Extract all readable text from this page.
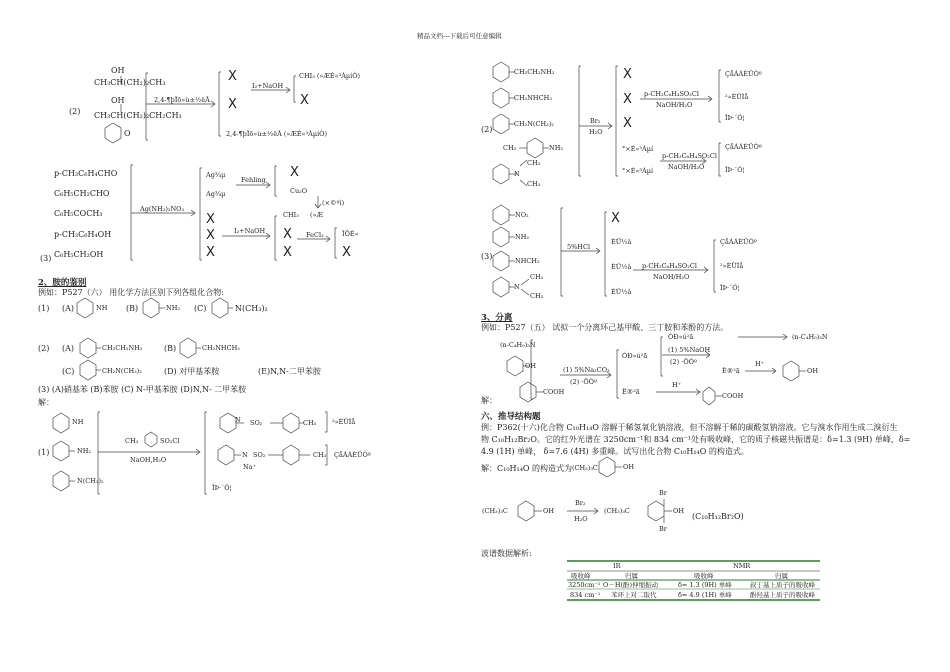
精品文档---下载后可任意编辑
OH
CH₃CH(CH₂)₂CH₃
OH
(2) CH₃CH(CH₂)₂CH₂CH₃
O
2,4-¶þÏõ»ù±½ëÂ
X
X
I₂+NaOH
CHI₃ (»ÆÉ«³ÁµíÒ)
X
2,4-¶þÏõ»ù±½ëÂ (»ÆÉ«³ÁµíÒ)
p-CH₃C₆H₄CHO
C₆H₅CH₂CHO
C₆H₅COCH₃
p-CH₃C₆H₄OH
(3) C₆H₅CH₂OH
Ag(NH₃)₂NO₃
Ag¾µ
Ag¾µ
Fehling X
Cu₂O
(×©ºì)
X
X
X
I₂+NaOH
CHI₃ (»Æ
X
X
FeCl₃	ÏÔÉ«
X
2、胺的鉴别
例如：P527（六） 用化学方法区别下列各组化合物:
(1) (A)	NH (B)	NH₂ (C)	N(CH₃)₂
(2) (A)	CH₂CH₂NH₂	(B)	CH₂NHCH₃
(C)	CH₂N(CH₃)₂	(D) 对甲基苯胺	(E)N,N-二甲苯胺
(3) (A)硝基苯 (B)苯胺 (C) N-甲基苯胺 (D)N,N- 二甲苯胺
解：
NH
(1)	NH₂
N(CH₃)₂
CH₃	SO₂Cl
NaOH,H₂O
N SO₂	CH₃ ²»ÈÜÌå
N SO₂	CH₃
Na⁺
ÇåÁÁÈÜÒº
ÎÞ·´Ó¦
CH₂CH₂NH₂
CH₂NHCH₃
CH₂N(CH₃)₂
(2)
CH₃	NH₂
N
CH₃
CH₃
Br₂
H₂O
X
X
X
p-CH₃C₆H₄SO₂Cl
NaOH/H₂O
ÇåÁÁÈÜÒº
²»ÈÜÌå
ÎÞ·´Ó¦
°×É«³Áµí
°×É«³Áµí
p-CH₃C₆H₄SO₂Cl
NaOH/H₂O
ÇåÁÁÈÜÒº
ÎÞ·´Ó¦
NO₂
NH₂
(3)	NHCH₃
N
CH₃
CH₃
5%HCl
X
ÈÜ½â
ÈÜ½â
ÈÜ½â
p-CH₃C₆H₄SO₂Cl
NaOH/H₂O
ÇåÁÁÈÜÒº
²»ÈÜÌå
ÎÞ·´Ó¦
3、分离
例如：P527（五） 试拟一个分离环己基甲酸、三丁胺和苯酚的方法。
(n-C₄H₉)₃N
OH
解：
COOH
(1) 5%Na₂CO₃
(2) ·ÖÒº
ÓÐ»ú²ã
Ë®²ã
(1) 5%NaOH
(2) ·ÖÒº
ÓÐ»ú²ã	(n-C₄H₉)₃N
Ë®²ã
H⁺
OH
H⁺
COOH
六、推导结构题
例：P362(十六)化合物 C₁₀H₁₄O 溶解于稀氢氧化钠溶液，但不溶解于稀的碳酸氢钠溶液。它与溴水作用生成二溴衍生
物 C₁₀H₁₂Br₂O。它的红外光谱在 3250cm⁻¹和 834 cm⁻¹处有吸收峰，它的质子核磁共振谱是：δ=1.3 (9H) 单峰，δ=
4.9 (1H) 单峰， δ=7.6 (4H) 多重峰。试写出化合物 C₁₀H₁₄O 的构造式。
解：C₁₀H₁₄O 的构造式为 (CH₃)₃C	OH
(CH₃)₃C	OH
Br₂
H₂O
(CH₃)₃C	OH
Br
Br
(C₁₀H₁₂Br₂O)
波谱数据解析:
IR	NMR
吸收峰	归属	吸收峰	归属
3250cm⁻¹ O－H(酚)伸缩振动	δ= 1.3 (9H) 单峰	叔丁基上质子的吸收峰
834 cm⁻¹ 苯环上对二取代	δ= 4.9 (1H) 单峰	酚羟基上质子的吸收峰
